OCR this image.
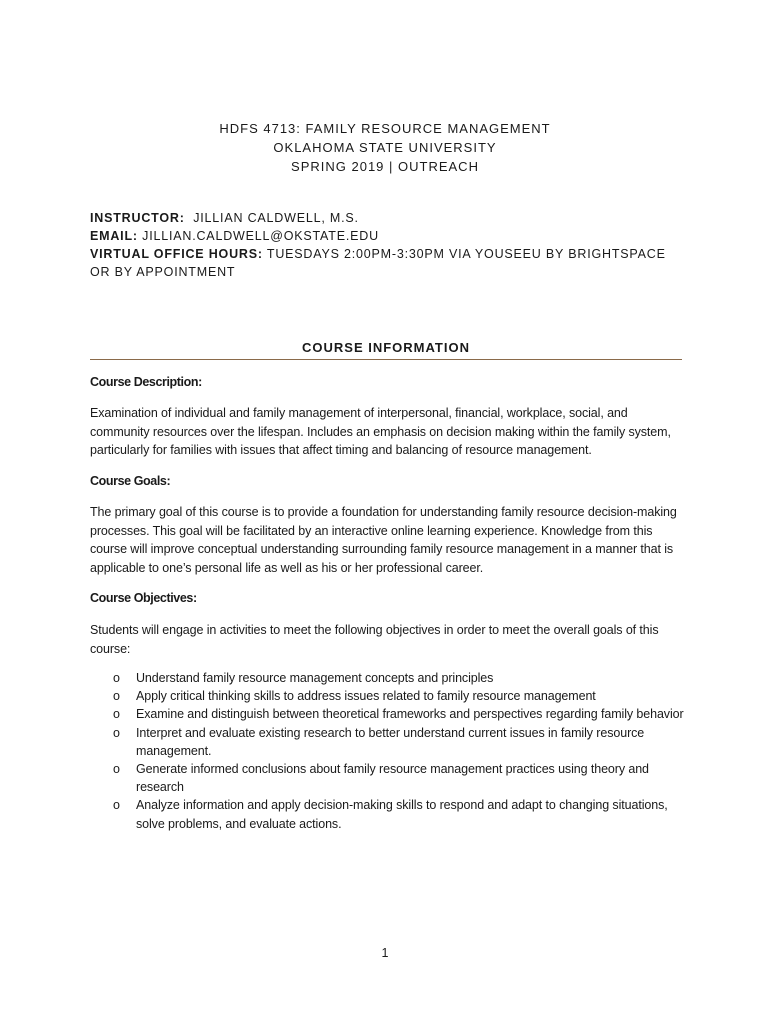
HDFS 4713: FAMILY RESOURCE MANAGEMENT
OKLAHOMA STATE UNIVERSITY
SPRING 2019 | OUTREACH
INSTRUCTOR: JILLIAN CALDWELL, M.S.
EMAIL: JILLIAN.CALDWELL@OKSTATE.EDU
VIRTUAL OFFICE HOURS: TUESDAYS 2:00PM-3:30PM VIA YOUSEEU BY BRIGHTSPACE OR BY APPOINTMENT
COURSE INFORMATION
Course Description:
Examination of individual and family management of interpersonal, financial, workplace, social, and community resources over the lifespan. Includes an emphasis on decision making within the family system, particularly for families with issues that affect timing and balancing of resource management.
Course Goals:
The primary goal of this course is to provide a foundation for understanding family resource decision-making processes. This goal will be facilitated by an interactive online learning experience. Knowledge from this course will improve conceptual understanding surrounding family resource management in a manner that is applicable to one’s personal life as well as his or her professional career.
Course Objectives:
Students will engage in activities to meet the following objectives in order to meet the overall goals of this course:
o Understand family resource management concepts and principles
o Apply critical thinking skills to address issues related to family resource management
o Examine and distinguish between theoretical frameworks and perspectives regarding family behavior
o Interpret and evaluate existing research to better understand current issues in family resource management.
o Generate informed conclusions about family resource management practices using theory and research
o Analyze information and apply decision-making skills to respond and adapt to changing situations, solve problems, and evaluate actions.
1
